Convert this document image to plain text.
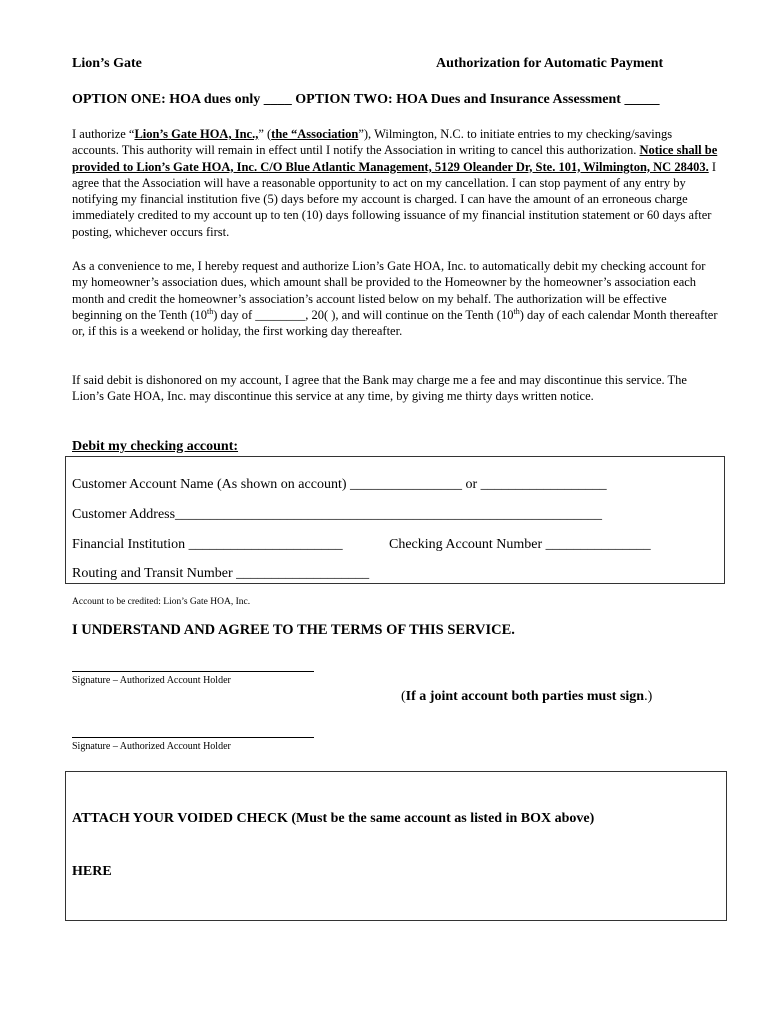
Lion’s Gate	Authorization for Automatic Payment
OPTION ONE: HOA dues only ____ OPTION TWO: HOA Dues and Insurance Assessment _____
I authorize “Lion’s Gate HOA, Inc.,” (the “Association”), Wilmington, N.C. to initiate entries to my checking/savings accounts. This authority will remain in effect until I notify the Association in writing to cancel this authorization. Notice shall be provided to Lion’s Gate HOA, Inc. C/O Blue Atlantic Management, 5129 Oleander Dr, Ste. 101, Wilmington, NC 28403. I agree that the Association will have a reasonable opportunity to act on my cancellation. I can stop payment of any entry by notifying my financial institution five (5) days before my account is charged. I can have the amount of an erroneous charge immediately credited to my account up to ten (10) days following issuance of my financial institution statement or 60 days after posting, whichever occurs first.
As a convenience to me, I hereby request and authorize Lion’s Gate HOA, Inc. to automatically debit my checking account for my homeowner’s association dues, which amount shall be provided to the Homeowner by the homeowner’s association each month and credit the homeowner’s association’s account listed below on my behalf. The authorization will be effective beginning on the Tenth (10th) day of ________, 20( ), and will continue on the Tenth (10th) day of each calendar Month thereafter or, if this is a weekend or holiday, the first working day thereafter.
If said debit is dishonored on my account, I agree that the Bank may charge me a fee and may discontinue this service. The Lion’s Gate HOA, Inc. may discontinue this service at any time, by giving me thirty days written notice.
Debit my checking account:
Customer Account Name (As shown on account) ________________ or __________________
Customer Address_____________________________________________________________
Financial Institution ______________________	Checking Account Number _______________
Routing and Transit Number ___________________
Account to be credited: Lion’s Gate HOA, Inc.
I UNDERSTAND AND AGREE TO THE TERMS OF THIS SERVICE.
Signature – Authorized Account Holder
(If a joint account both parties must sign.)
Signature – Authorized Account Holder
ATTACH YOUR VOIDED CHECK (Must be the same account as listed in BOX above)
HERE
